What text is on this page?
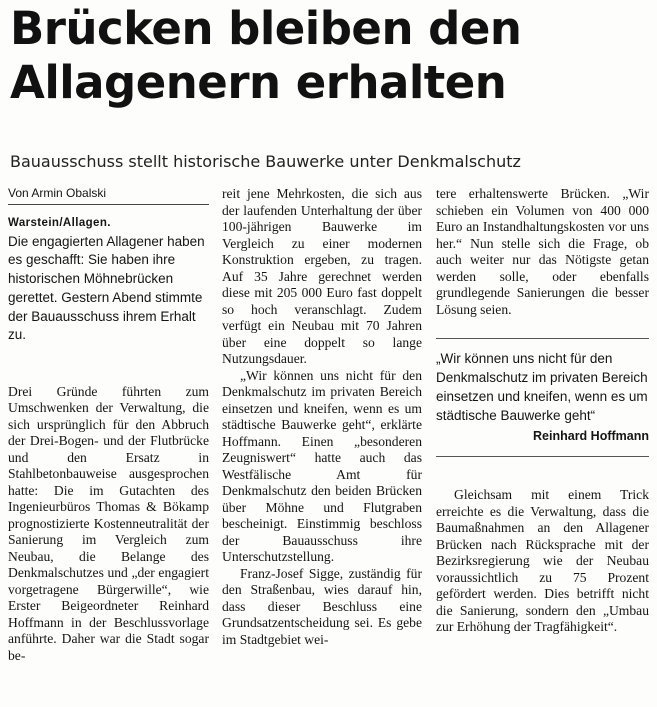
Brücken bleiben den Allagenern erhalten
Bauausschuss stellt historische Bauwerke unter Denkmalschutz
Von Armin Obalski

Warstein/Allagen.
Die engagierten Allagener haben es geschafft: Sie haben ihre historischen Möhnebrücken gerettet. Gestern Abend stimmte der Bauausschuss ihrem Erhalt zu.

Drei Gründe führten zum Umschwenken der Verwaltung, die sich ursprünglich für den Abbruch der Drei-Bogen- und der Flutbrücke und den Ersatz in Stahlbetonbauweise ausgesprochen hatte: Die im Gutachten des Ingenieurbüros Thomas & Bökamp prognostizierte Kostenneutralität der Sanierung im Vergleich zum Neubau, die Belange des Denkmalschutzes und „der engagiert vorgetragene Bürgerwille“, wie Erster Beigeordneter Reinhard Hoffmann in der Beschlussvorlage anführte. Daher war die Stadt sogar be-

reit jene Mehrkosten, die sich aus der laufenden Unterhaltung der über 100-jährigen Bauwerke im Vergleich zu einer modernen Konstruktion ergeben, zu tragen. Auf 35 Jahre gerechnet werden diese mit 205 000 Euro fast doppelt so hoch veranschlagt. Zudem verfügt ein Neubau mit 70 Jahren über eine doppelt so lange Nutzungsdauer.

„Wir können uns nicht für den Denkmalschutz im privaten Bereich einsetzen und kneifen, wenn es um städtische Bauwerke geht“, erklärte Hoffmann. Einen „besonderen Zeugniswert“ hatte auch das Westfälische Amt für Denkmalschutz den beiden Brücken über Möhne und Flutgraben bescheinigt. Einstimmig beschloss der Bauausschuss ihre Unterschutzstellung.

Franz-Josef Sigge, zuständig für den Straßenbau, wies darauf hin, dass dieser Beschluss eine Grundsatzentscheidung sei. Es gebe im Stadtgebiet wei-

tere erhaltenswerte Brücken. „Wir schieben ein Volumen von 400 000 Euro an Instandhaltungskosten vor uns her.“ Nun stelle sich die Frage, ob auch weiter nur das Nötigste getan werden solle, oder ebenfalls grundlegende Sanierungen die besser Lösung seien.

„Wir können uns nicht für den Denkmalschutz im privaten Bereich einsetzen und kneifen, wenn es um städtische Bauwerke geht“
Reinhard Hoffmann

Gleichsam mit einem Trick erreichte es die Verwaltung, dass die Baumaßnahmen an den Allagener Brücken nach Rücksprache mit der Bezirksregierung wie der Neubau voraussichtlich zu 75 Prozent gefördert werden. Dies betrifft nicht die Sanierung, sondern den „Umbau zur Erhöhung der Tragfähigkeit“.
